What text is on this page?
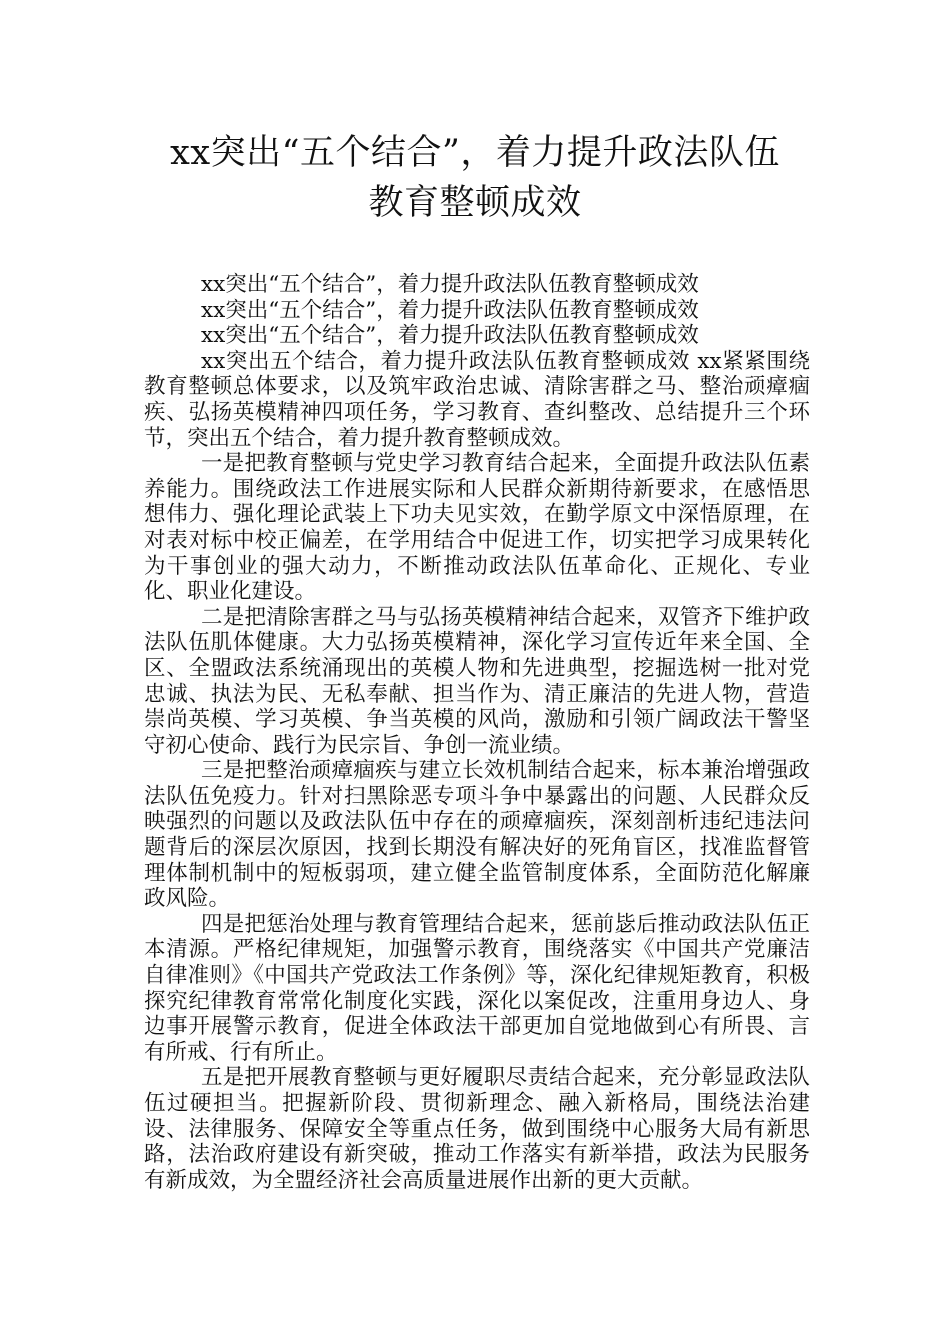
xx突出“五个结合”，着力提升政法队伍
教育整顿成效

xx突出“五个结合”，着力提升政法队伍教育整顿成效

xx突出“五个结合”，着力提升政法队伍教育整顿成效

xx突出“五个结合”，着力提升政法队伍教育整顿成效

xx突出五个结合，着力提升政法队伍教育整顿成效 xx紧紧围绕教育整顿总体要求，以及筑牢政治忠诚、清除害群之马、整治顽瘴痼疾、弘扬英模精神四项任务，学习教育、查纠整改、总结提升三个环节，突出五个结合，着力提升教育整顿成效。

一是把教育整顿与党史学习教育结合起来，全面提升政法队伍素养能力。围绕政法工作进展实际和人民群众新期待新要求，在感悟思想伟力、强化理论武装上下功夫见实效，在勤学原文中深悟原理，在对表对标中校正偏差，在学用结合中促进工作，切实把学习成果转化为干事创业的强大动力，不断推动政法队伍革命化、正规化、专业化、职业化建设。

二是把清除害群之马与弘扬英模精神结合起来，双管齐下维护政法队伍肌体健康。大力弘扬英模精神，深化学习宣传近年来全国、全区、全盟政法系统涌现出的英模人物和先进典型，挖掘选树一批对党忠诚、执法为民、无私奉献、担当作为、清正廉洁的先进人物，营造崇尚英模、学习英模、争当英模的风尚，激励和引领广阔政法干警坚守初心使命、践行为民宗旨、争创一流业绩。

三是把整治顽瘴痼疾与建立长效机制结合起来，标本兼治增强政法队伍免疫力。针对扫黑除恶专项斗争中暴露出的问题、人民群众反映强烈的问题以及政法队伍中存在的顽瘴痼疾，深刻剖析违纪违法问题背后的深层次原因，找到长期没有解决好的死角盲区，找准监督管理体制机制中的短板弱项，建立健全监管制度体系，全面防范化解廉政风险。

四是把惩治处理与教育管理结合起来，惩前毖后推动政法队伍正本清源。严格纪律规矩，加强警示教育，围绕落实《中国共产党廉洁自律准则》《中国共产党政法工作条例》等，深化纪律规矩教育，积极探究纪律教育常常化制度化实践，深化以案促改，注重用身边人、身边事开展警示教育，促进全体政法干部更加自觉地做到心有所畏、言有所戒、行有所止。

五是把开展教育整顿与更好履职尽责结合起来，充分彰显政法队伍过硬担当。把握新阶段、贯彻新理念、融入新格局，围绕法治建设、法律服务、保障安全等重点任务，做到围绕中心服务大局有新思路，法治政府建设有新突破，推动工作落实有新举措，政法为民服务有新成效，为全盟经济社会高质量进展作出新的更大贡献。
